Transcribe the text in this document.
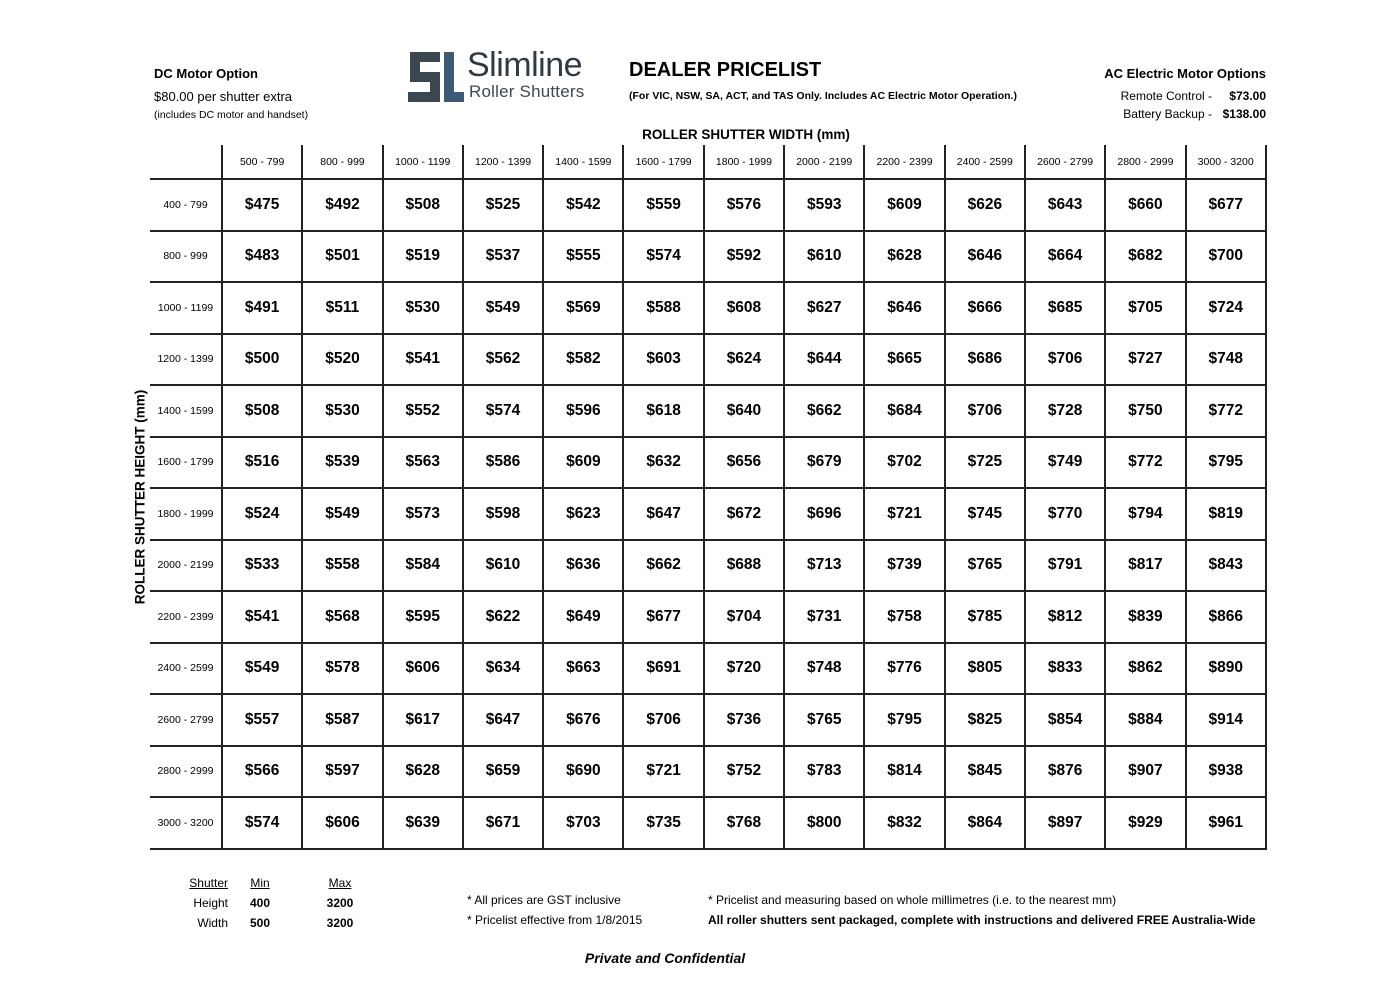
DC Motor Option
$80.00 per shutter extra
(includes DC motor and handset)
Slimline
Roller Shutters
DEALER PRICELIST
(For VIC, NSW, SA, ACT, and TAS Only. Includes AC Electric Motor Operation.)
AC Electric Motor Options
Remote Control -	$73.00
Battery Backup - $138.00
ROLLER SHUTTER WIDTH (mm)
ROLLER SHUTTER HEIGHT (mm)
500 - 799	800 - 999	1000 - 1199	1200 - 1399	1400 - 1599	1600 - 1799	1800 - 1999	2000 - 2199	2200 - 2399	2400 - 2599	2600 - 2799	2800 - 2999	3000 - 3200
400 - 799	$475	$492	$508	$525	$542	$559	$576	$593	$609	$626	$643	$660	$677
800 - 999	$483	$501	$519	$537	$555	$574	$592	$610	$628	$646	$664	$682	$700
1000 - 1199	$491	$511	$530	$549	$569	$588	$608	$627	$646	$666	$685	$705	$724
1200 - 1399	$500	$520	$541	$562	$582	$603	$624	$644	$665	$686	$706	$727	$748
1400 - 1599	$508	$530	$552	$574	$596	$618	$640	$662	$684	$706	$728	$750	$772
1600 - 1799	$516	$539	$563	$586	$609	$632	$656	$679	$702	$725	$749	$772	$795
1800 - 1999	$524	$549	$573	$598	$623	$647	$672	$696	$721	$745	$770	$794	$819
2000 - 2199	$533	$558	$584	$610	$636	$662	$688	$713	$739	$765	$791	$817	$843
2200 - 2399	$541	$568	$595	$622	$649	$677	$704	$731	$758	$785	$812	$839	$866
2400 - 2599	$549	$578	$606	$634	$663	$691	$720	$748	$776	$805	$833	$862	$890
2600 - 2799	$557	$587	$617	$647	$676	$706	$736	$765	$795	$825	$854	$884	$914
2800 - 2999	$566	$597	$628	$659	$690	$721	$752	$783	$814	$845	$876	$907	$938
3000 - 3200	$574	$606	$639	$671	$703	$735	$768	$800	$832	$864	$897	$929	$961
Shutter	Min	Max
Height	400	3200
Width	500	3200
* All prices are GST inclusive
* Pricelist effective from 1/8/2015
* Pricelist and measuring based on whole millimetres (i.e. to the nearest mm)
All roller shutters sent packaged, complete with instructions and delivered FREE Australia-Wide
Private and Confidential
